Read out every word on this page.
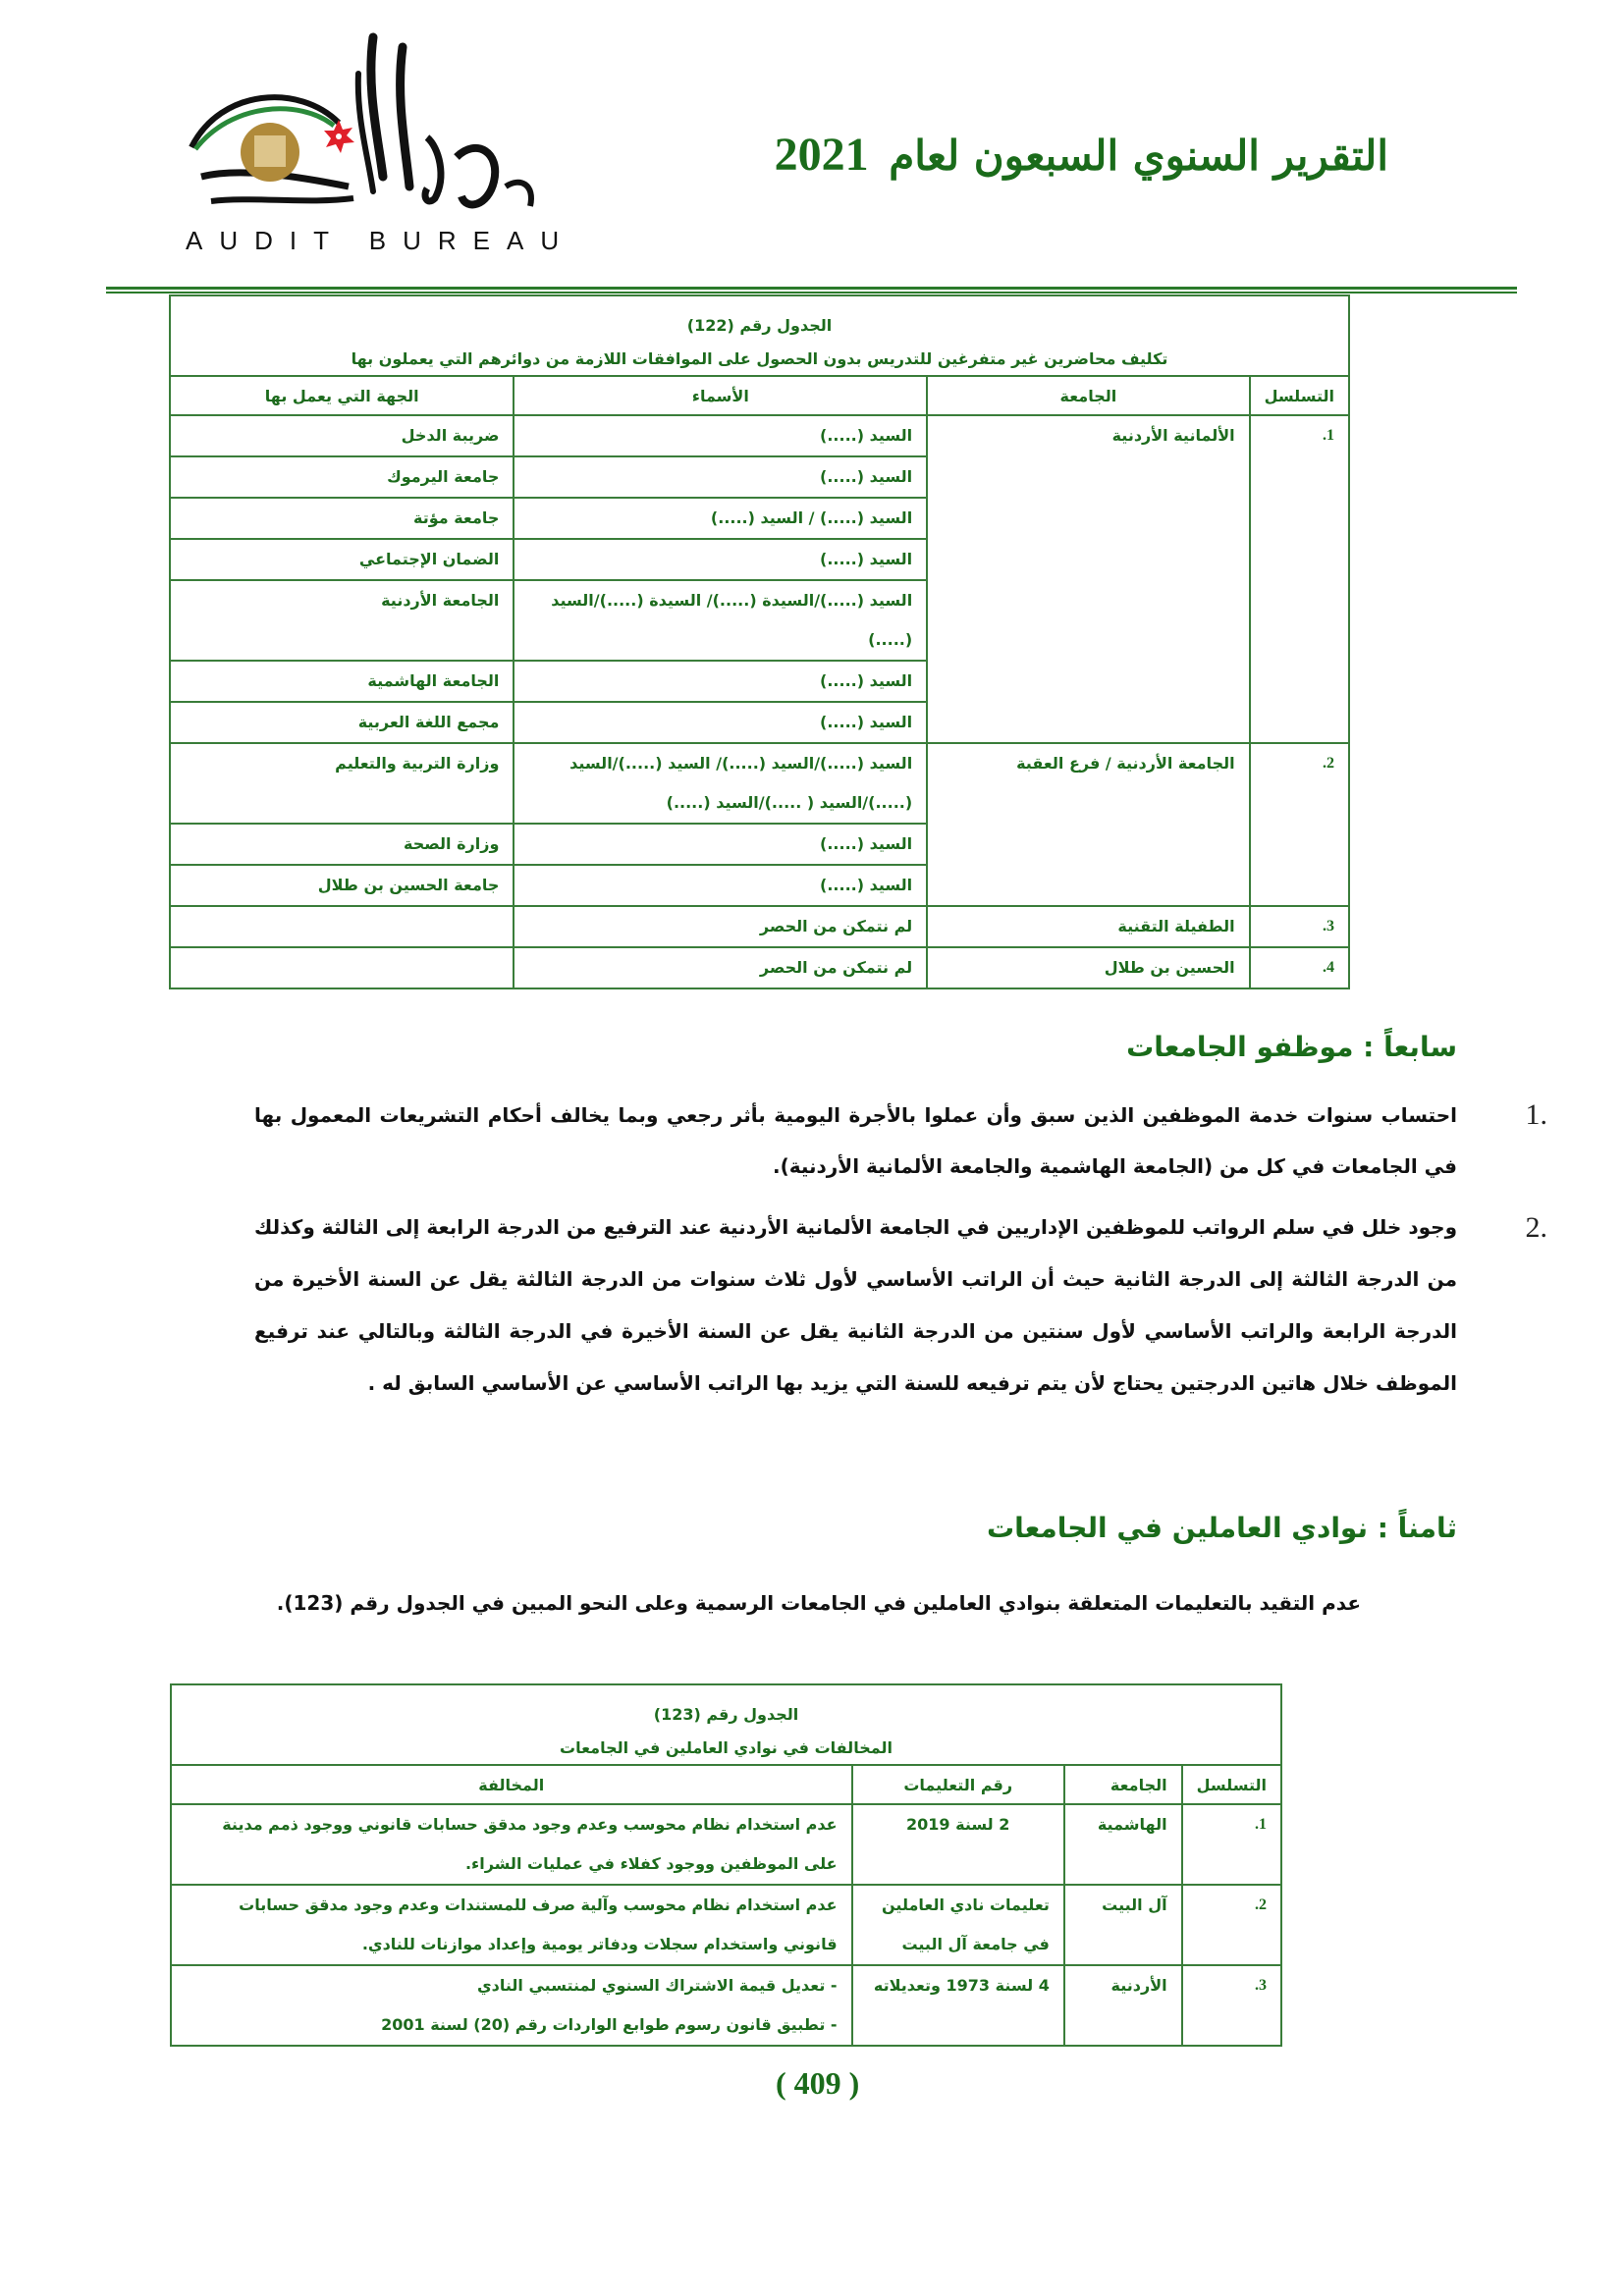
AUDIT BUREAU
التقرير السنوي السبعون لعام 2021
الجدول رقم (122)
تكليف محاضرين غير متفرغين للتدريس بدون الحصول على الموافقات اللازمة من دوائرهم التي يعملون بها			

التسلسل	الجامعة	الأسماء	الجهة التي يعمل بها
1.	الألمانية الأردنية	السيد (.....)	ضريبة الدخل
		السيد (.....)	جامعة اليرموك
		السيد (.....) / السيد (.....)	جامعة مؤتة
		السيد (.....)	الضمان الإجتماعي
		السيد (.....)/السيدة (.....)/ السيدة (.....)/السيد (.....)	الجامعة الأردنية
		السيد (.....)	الجامعة الهاشمية
		السيد (.....)	مجمع اللغة العربية
2.	الجامعة الأردنية / فرع العقبة	السيد (.....)/السيد (.....)/ السيد (.....)/السيد (.....)/السيد ( .....)/السيد (.....)	وزارة التربية والتعليم
		السيد (.....)	وزارة الصحة
		السيد (.....)	جامعة الحسين بن طلال
3.	الطفيلة التقنية	لم نتمكن من الحصر	
4.	الحسين بن طلال	لم نتمكن من الحصر	
سابعاً : موظفو الجامعات
.1
احتساب سنوات خدمة الموظفين الذين سبق وأن عملوا بالأجرة اليومية بأثر رجعي وبما يخالف أحكام التشريعات المعمول بها في الجامعات في كل من (الجامعة الهاشمية والجامعة الألمانية الأردنية).
.2
وجود خلل في سلم الرواتب للموظفين الإداريين في الجامعة الألمانية الأردنية عند الترفيع من الدرجة الرابعة إلى الثالثة وكذلك من الدرجة الثالثة إلى الدرجة الثانية حيث أن الراتب الأساسي لأول ثلاث سنوات من الدرجة الثالثة يقل عن السنة الأخيرة من الدرجة الرابعة والراتب الأساسي لأول سنتين من الدرجة الثانية يقل عن السنة الأخيرة في الدرجة الثالثة وبالتالي عند ترفيع الموظف خلال هاتين الدرجتين يحتاج لأن يتم ترفيعه للسنة التي يزيد بها الراتب الأساسي عن الأساسي السابق له .
ثامناً : نوادي العاملين في الجامعات
عدم التقيد بالتعليمات المتعلقة بنوادي العاملين في الجامعات الرسمية وعلى النحو المبين في الجدول رقم (123).
الجدول رقم (123)
المخالفات في نوادي العاملين في الجامعات			

التسلسل	الجامعة	رقم التعليمات	المخالفة
1.	الهاشمية	2 لسنة 2019	عدم استخدام نظام محوسب وعدم وجود مدقق حسابات قانوني ووجود ذمم مدينة على الموظفين ووجود كفلاء في عمليات الشراء.
2.	آل البيت	تعليمات نادي العاملين في جامعة آل البيت	عدم استخدام نظام محوسب وآلية صرف للمستندات وعدم وجود مدقق حسابات قانوني واستخدام سجلات ودفاتر يومية وإعداد موازنات للنادي.
3.	الأردنية	4 لسنة 1973 وتعديلاته	- تعديل قيمة الاشتراك السنوي لمنتسبي النادي
- تطبيق قانون رسوم طوابع الواردات رقم (20) لسنة 2001
( 409 )
